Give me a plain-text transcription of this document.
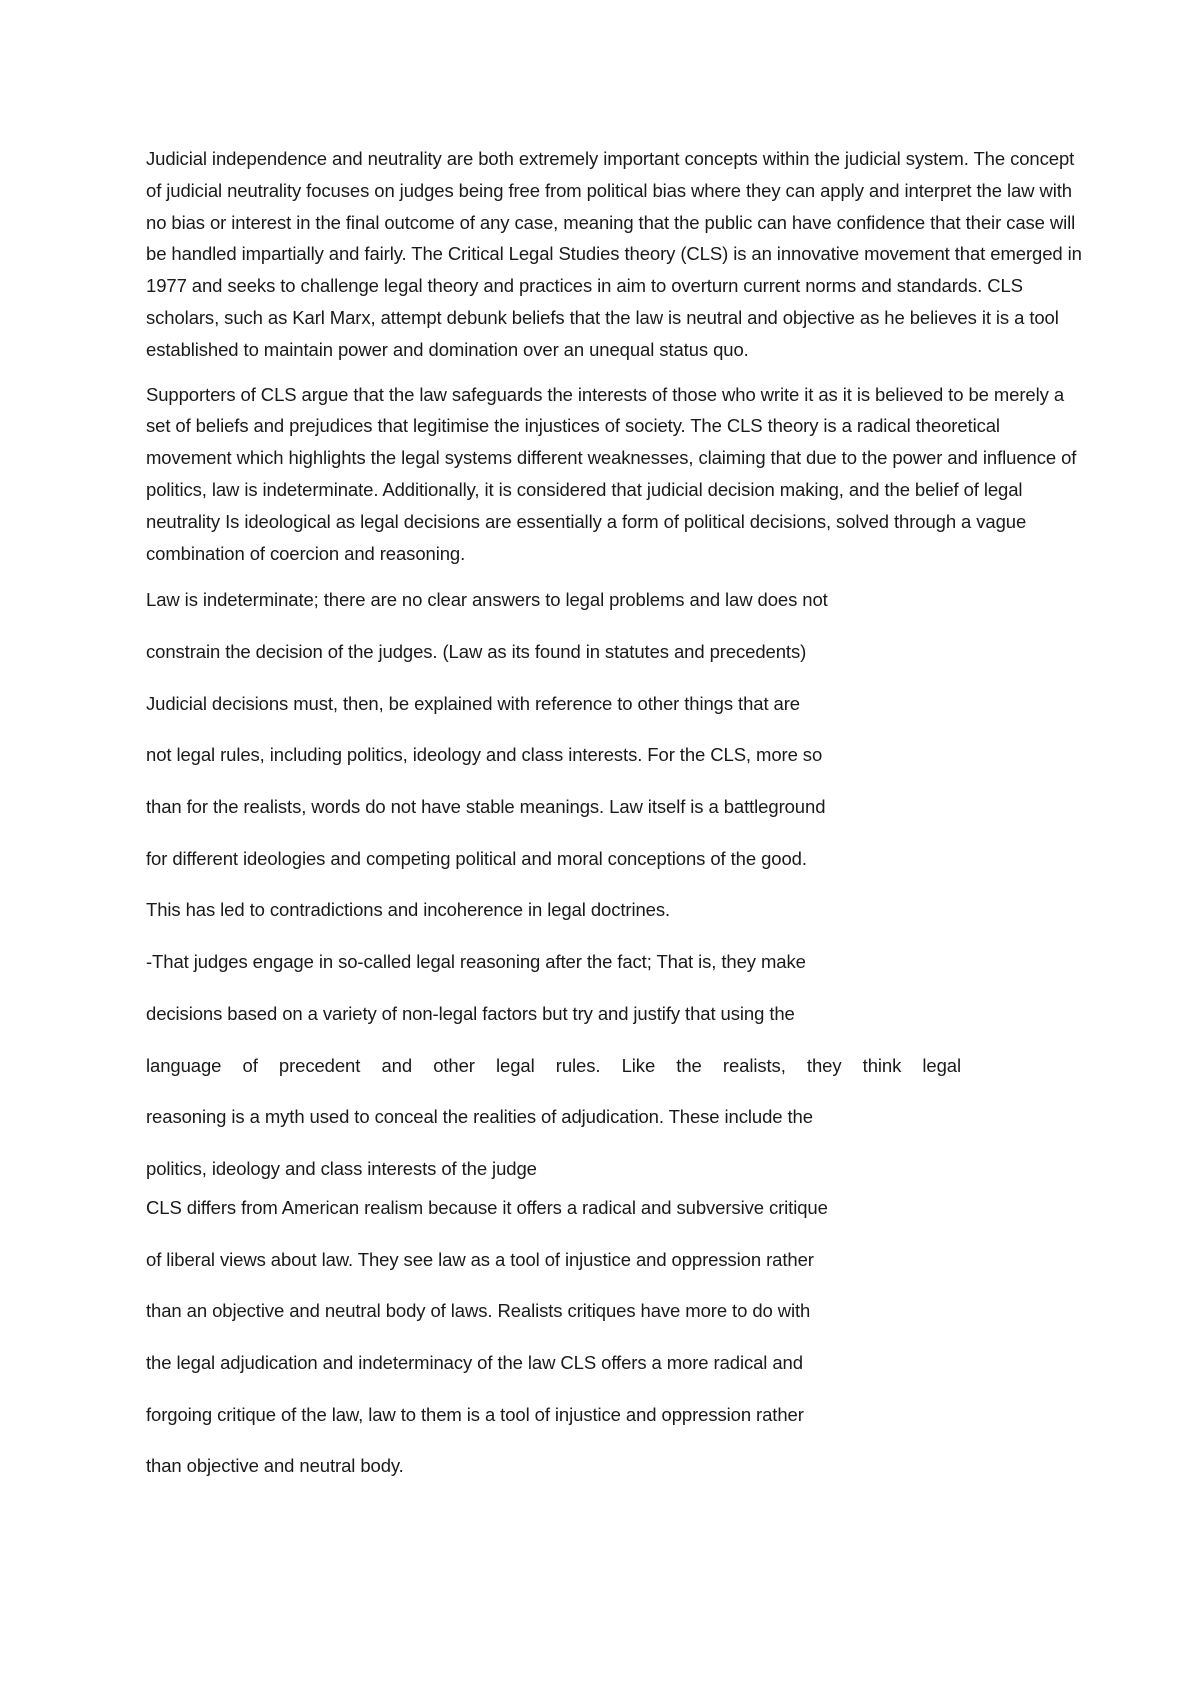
Judicial independence and neutrality are both extremely important concepts within the judicial system. The concept of judicial neutrality focuses on judges being free from political bias where they can apply and interpret the law with no bias or interest in the final outcome of any case, meaning that the public can have confidence that their case will be handled impartially and fairly. The Critical Legal Studies theory (CLS) is an innovative movement that emerged in 1977 and seeks to challenge legal theory and practices in aim to overturn current norms and standards. CLS scholars, such as Karl Marx, attempt debunk beliefs that the law is neutral and objective as he believes it is a tool established to maintain power and domination over an unequal status quo.

Supporters of CLS argue that the law safeguards the interests of those who write it as it is believed to be merely a set of beliefs and prejudices that legitimise the injustices of society. The CLS theory is a radical theoretical movement which highlights the legal systems different weaknesses, claiming that due to the power and influence of politics, law is indeterminate. Additionally, it is considered that judicial decision making, and the belief of legal neutrality Is ideological as legal decisions are essentially a form of political decisions, solved through a vague combination of coercion and reasoning.

Law is indeterminate; there are no clear answers to legal problems and law does not

constrain the decision of the judges. (Law as its found in statutes and precedents)

Judicial decisions must, then, be explained with reference to other things that are

not legal rules, including politics, ideology and class interests. For the CLS, more so

than for the realists, words do not have stable meanings. Law itself is a battleground

for different ideologies and competing political and moral conceptions of the good.

This has led to contradictions and incoherence in legal doctrines.

-That judges engage in so-called legal reasoning after the fact; That is, they make

decisions based on a variety of non-legal factors but try and justify that using the

language of precedent and other legal rules. Like the realists, they think legal

reasoning is a myth used to conceal the realities of adjudication. These include the

politics, ideology and class interests of the judge

CLS differs from American realism because it offers a radical and subversive critique

of liberal views about law. They see law as a tool of injustice and oppression rather

than an objective and neutral body of laws. Realists critiques have more to do with

the legal adjudication and indeterminacy of the law CLS offers a more radical and

forgoing critique of the law, law to them is a tool of injustice and oppression rather

than objective and neutral body.
